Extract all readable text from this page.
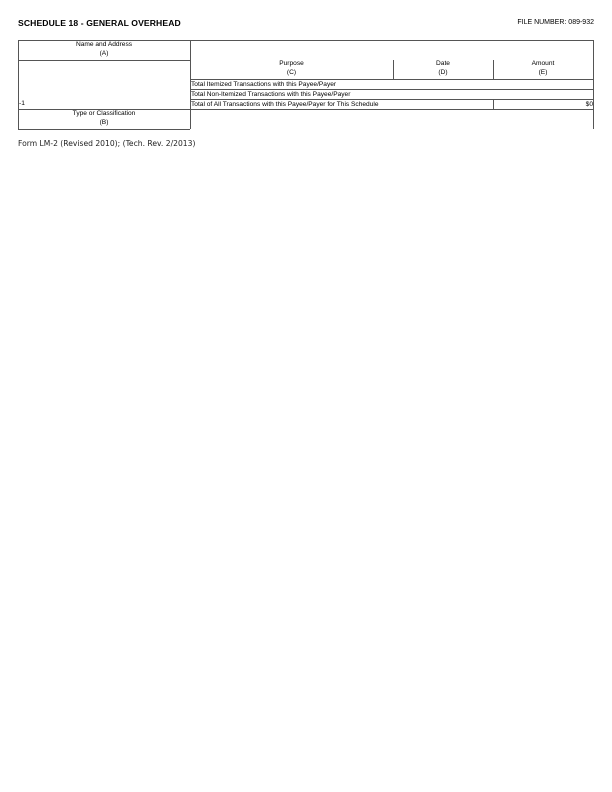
SCHEDULE 18 - GENERAL OVERHEAD	FILE NUMBER: 089-932
Name and Address
(A)
Type or Classification
(B)
-1
Purpose
(C)
Date
(D)
Amount
(E)
Total Itemized Transactions with this Payee/Payer
Total Non-Itemized Transactions with this Payee/Payer
Total of All Transactions with this Payee/Payer for This Schedule	$0
Form LM-2 (Revised 2010); (Tech. Rev. 2/2013)
